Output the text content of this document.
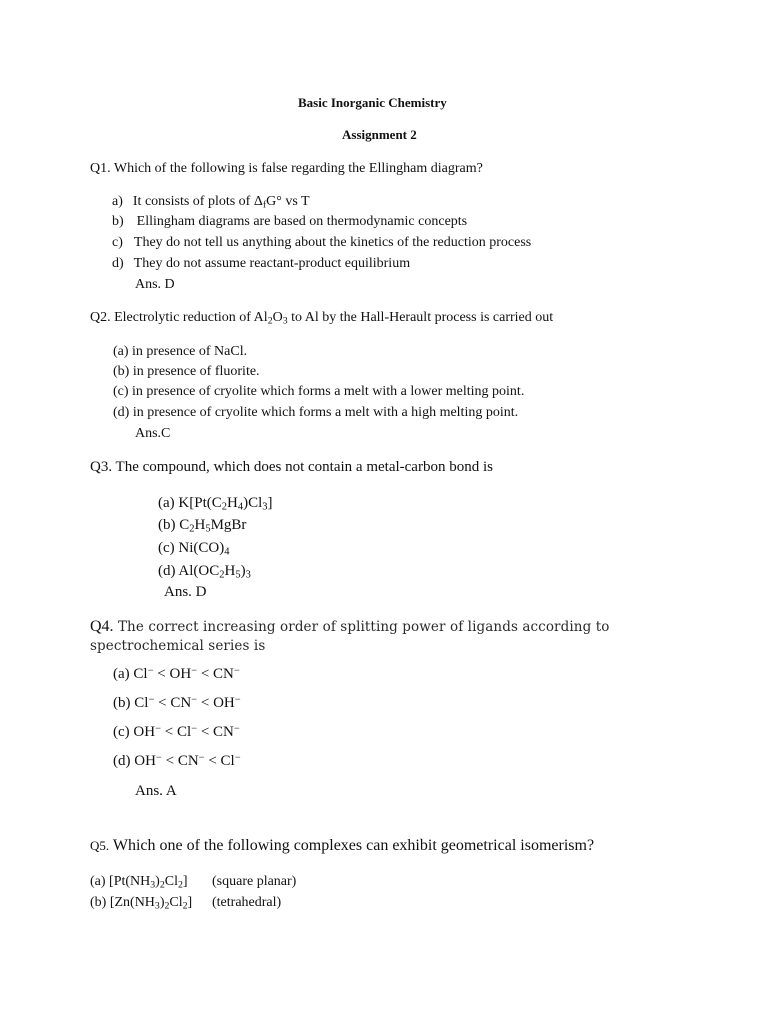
Basic Inorganic Chemistry
Assignment 2
Q1. Which of the following is false regarding the Ellingham diagram?
a) It consists of plots of $\Delta_fG^\circ$ vs T
b) Ellingham diagrams are based on thermodynamic concepts
c) They do not tell us anything about the kinetics of the reduction process
d) They do not assume reactant-product equilibrium
Ans. D
Q2. Electrolytic reduction of $Al_2O_3$ to Al by the Hall-Herault process is carried out
(a) in presence of NaCl.
(b) in presence of fluorite.
(c) in presence of cryolite which forms a melt with a lower melting point.
(d) in presence of cryolite which forms a melt with a high melting point.
Ans.C
Q3. The compound, which does not contain a metal-carbon bond is
(a) $K[Pt(C_2H_4)Cl_3]$
(b) $C_2H_5MgBr$
(c) $Ni(CO)_4$
(d) $Al(OC_2H_5)_3$
Ans. D
Q4. The correct increasing order of splitting power of ligands according to
spectrochemical series is
(a) Cl− < OH− < CN−
(b) Cl− < CN− < OH−
(c) OH− < Cl− < CN−
(d) OH− < CN− < Cl−
Ans. A
Q5. Which one of the following complexes can exhibit geometrical isomerism?
(a) $[Pt(NH_3)_2Cl_2]$ (square planar)
(b) $[Zn(NH_3)_2Cl_2]$ (tetrahedral)
